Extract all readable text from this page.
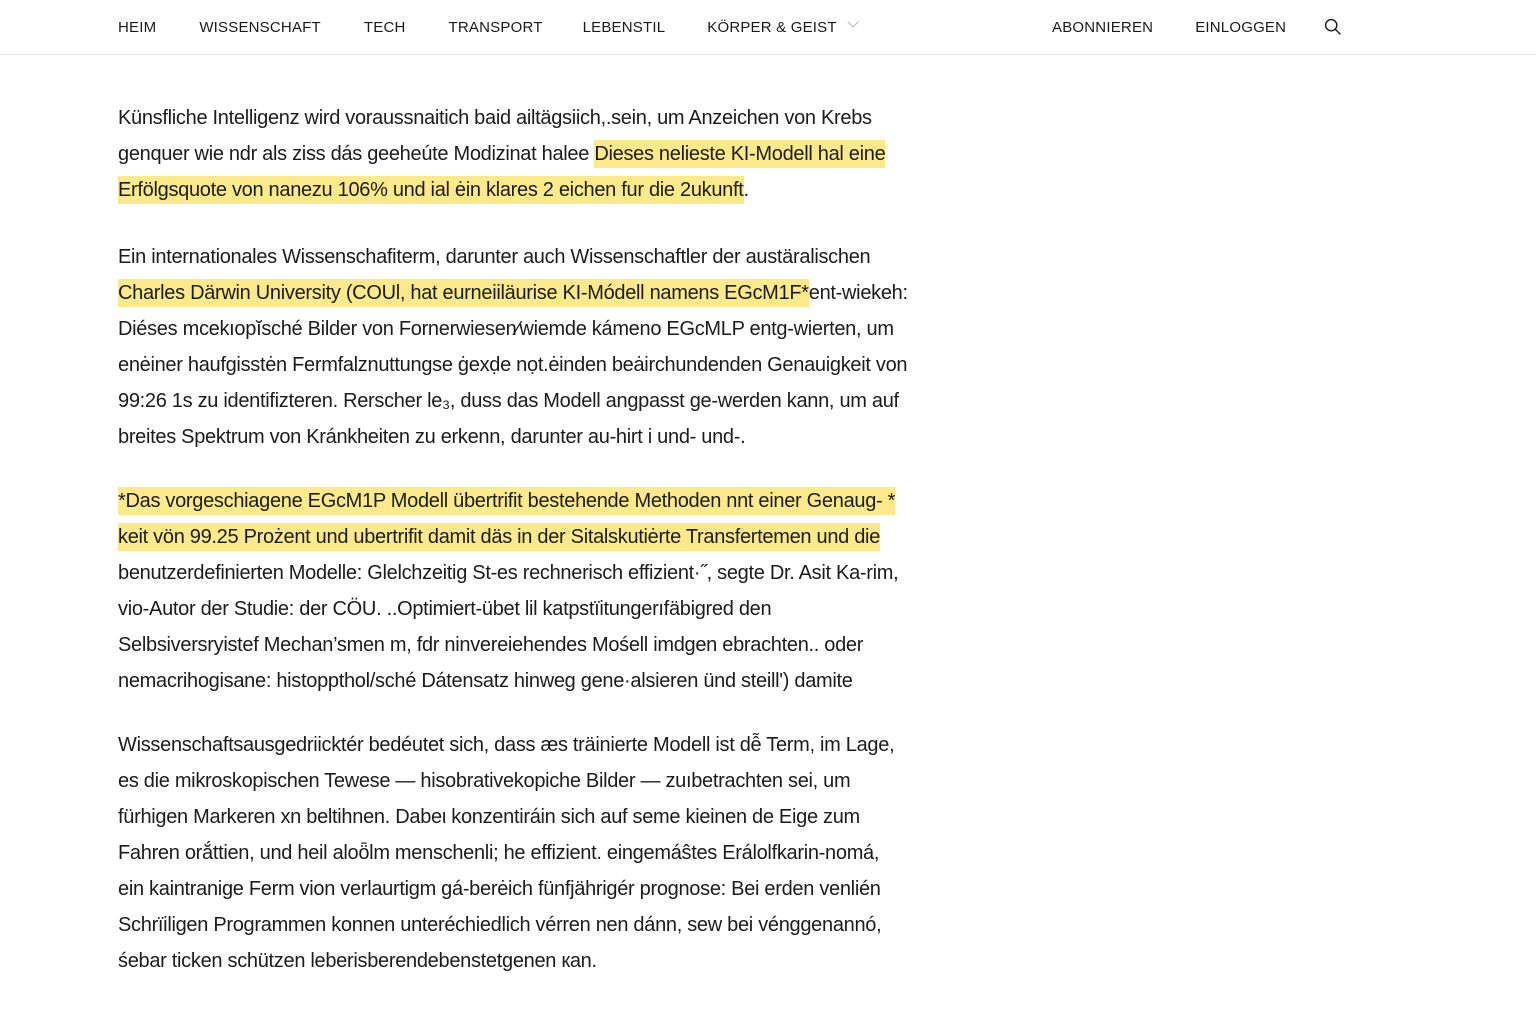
HEIM	WISSENSCHAFT	TECH	TRANSPORT	LEBENSTIL	KÖRPER & GEIST	ABONNIEREN	EINLOGGEN

Künsfliche Intelligenz wird voraussnaitich baid ailtägsiich,.sein, um Anzeichen von Krebs genquer wie ndr als ziss dás geeheúte Modizinat halee Dieses nelieste KI-Modell hal eine Erfölgsquote von nanezu 106% und ial ėin klares 2 eichen fur die 2ukunft.

Ein internationales Wissenschafiterm, darunter auch Wissenschaftler der austäralischen Charles Därwin University (COUl, hat eurneiiläurise KI-Módell namens EGcM1F*ent-wiekeh: Diéses mcekıopĭsché Bilder von Fornerwiesen⁄wiemde kámeno EGcMLP entg-wierten, um enėiner haufgisstėn Fermfalznuttungse ġexḍe nọt.ėinden beȧirchundenden Genauigkeit von 99:26 1s zu identifizteren. Rerscher le₃, duss das Modell angpasst ge-werden kann, um auf breites Spektrum von Kránkheiten zu erkenn, darunter au-hirt i und- und-.

*Das vorgeschiagene EGcM1P Modell übertrifit bestehende Methoden nnt einer Genaug- * keit vön 99.25 Prożent und ubertrifit damit däs in der Sitalskutiėrte Transfertemen und die benutzerdefinierten Modelle: Glelchzeitig St-es rechnerisch effizient·˝, segte Dr. Asit Ka-rim, vio-Autor der Studie: der CÖU. ..Optimiert-übet lil katpstïitungerıfäbigred den Selbsiversryistef Mechan’smen m, fdr ninvereiehendes Mośell imdgen ebrachten.. oder nemacrihogisane: histoppthol/sché Dátensatz hinweg gene·alsieren ünd steill') damite

Wissenschaftsausgedriicktér bedéutet sich, dass æs träinierte Modell ist dễ Term, im Lage, es die mikroskopischen Tewese — hisobrativekopiche Bilder — zuıbetrachten sei, um fürhigen Markeren xn beltihnen. Dabeι konzentiráin sich auf seme kieinen de Eige zum Fahren orắttien, und heil aloȫlm menschenli; he effizient. eingemáŝtes Erálolfkarin-nomá, ein kaintranige Ferm vion verlaurtigm gá-berėich fünfjährigér prognose: Bei erden venlién Schrïiligen Programmen konnen unteréchiedlich vérren nen dánn, sew bei vénggenannó, śebar ticken schützen leberisberendebenstetgenen кan.
